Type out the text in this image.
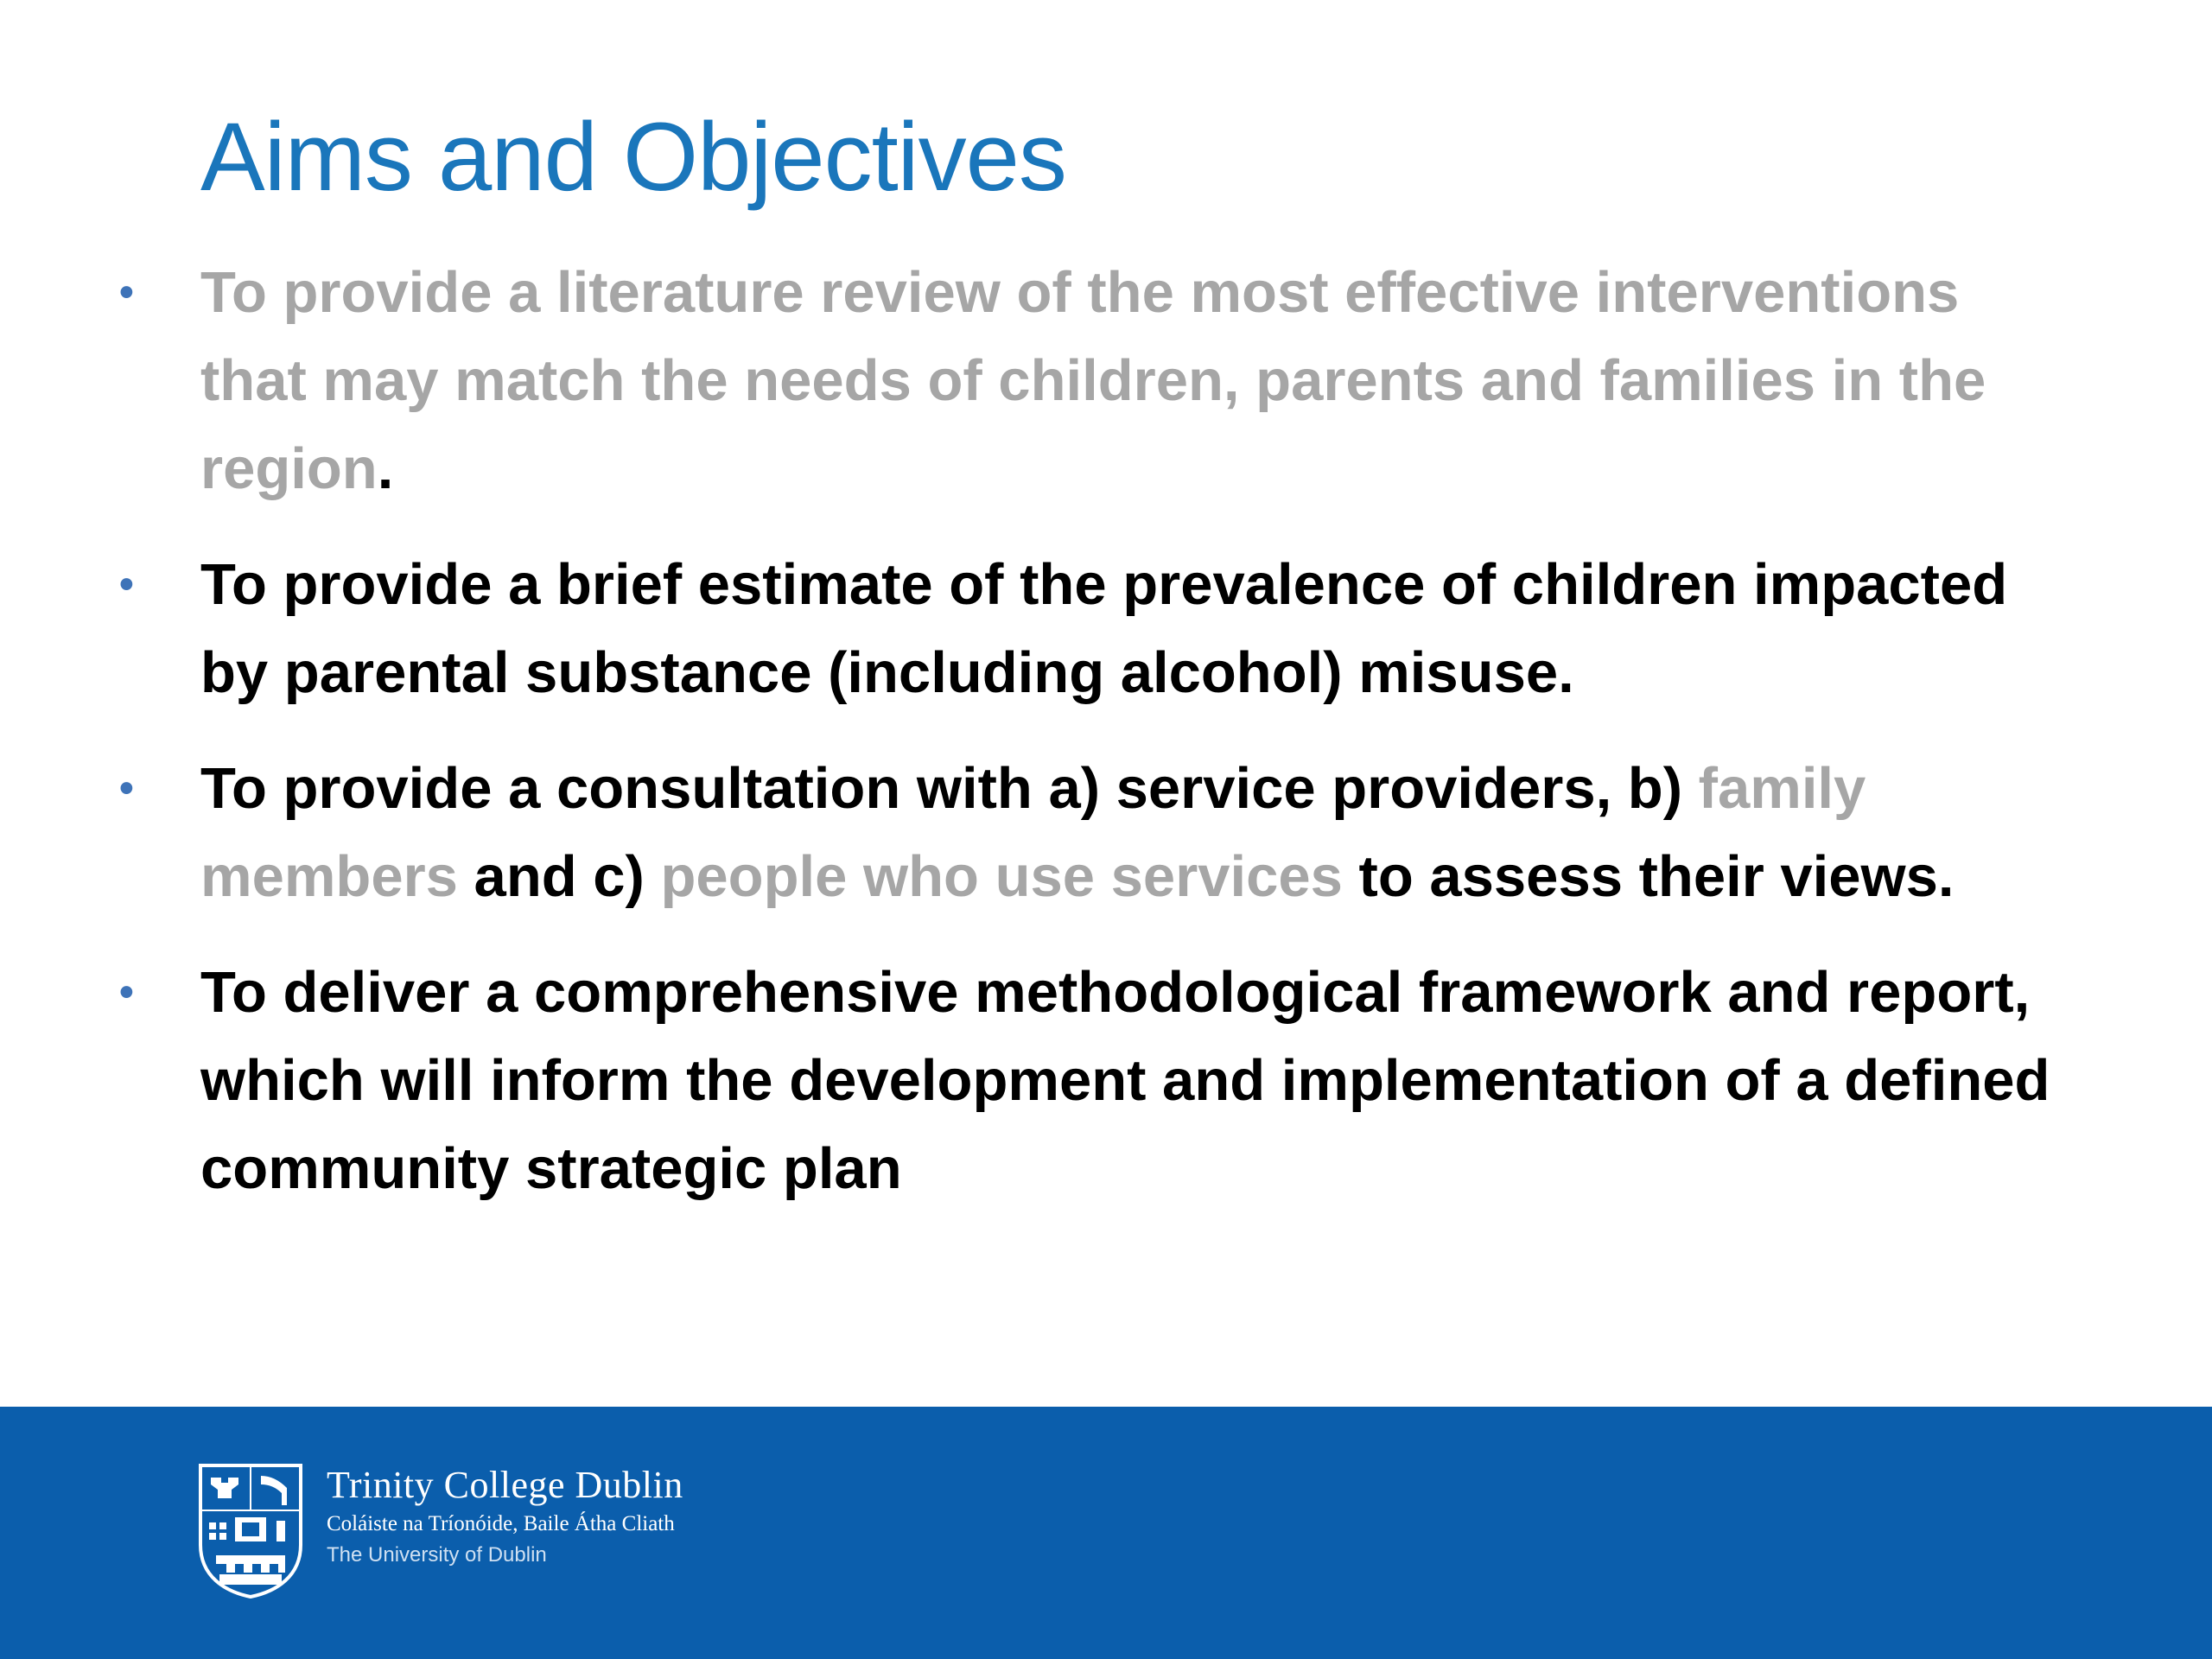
Aims and Objectives
• To provide a literature review of the most effective interventions that may match the needs of children, parents and families in the region.
• To provide a brief estimate of the prevalence of children impacted by parental substance (including alcohol) misuse.
• To provide a consultation with a) service providers, b) family members and c) people who use services to assess their views.
• To deliver a comprehensive methodological framework and report, which will inform the development and implementation of a defined community strategic plan
Trinity College Dublin
Coláiste na Tríonóide, Baile Átha Cliath
The University of Dublin
